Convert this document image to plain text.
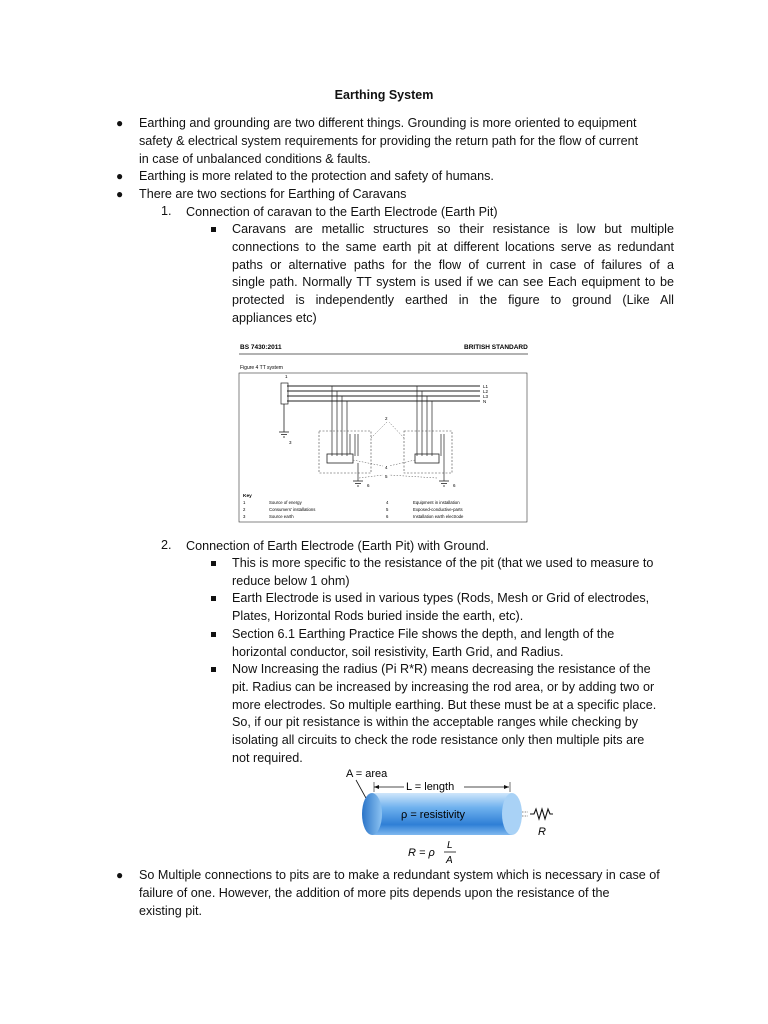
Earthing System
● Earthing and grounding are two different things. Grounding is more oriented to equipment
safety & electrical system requirements for providing the return path for the flow of current
in case of unbalanced conditions & faults.
● Earthing is more related to the protection and safety of humans.
● There are two sections for Earthing of Caravans
1. Connection of caravan to the Earth Electrode (Earth Pit)
Caravans are metallic structures so their resistance is low but multiple
connections to the same earth pit at different locations serve as redundant
paths or alternative paths for the flow of current in case of failures of a
single path. Normally TT system is used if we can see Each equipment to be
protected is independently earthed in the figure to ground (Like All
appliances etc)
BS 7430:2011	BRITISH STANDARD
Figure 4 TT system
L1
L2
L3
N
1
3
6	6
2
4
5
Key
1	Source of energy
2	Consumers' installations
3	Source earth
4	Equipment in installation
5	Exposed-conductive-parts
6	Installation earth electrode
2. Connection of Earth Electrode (Earth Pit) with Ground.
This is more specific to the resistance of the pit (that we used to measure to
reduce below 1 ohm)
Earth Electrode is used in various types (Rods, Mesh or Grid of electrodes,
Plates, Horizontal Rods buried inside the earth, etc).
Section 6.1 Earthing Practice File shows the depth, and length of the
horizontal conductor, soil resistivity, Earth Grid, and Radius.
Now Increasing the radius (Pi R*R) means decreasing the resistance of the
pit. Radius can be increased by increasing the rod area, or by adding two or
more electrodes. So multiple earthing. But these must be at a specific place.
So, if our pit resistance is within the acceptable ranges while checking by
isolating all circuits to check the rode resistance only then multiple pits are
not required.
A = area
L = length
ρ = resistivity
R
R = ρ
L
A
● So Multiple connections to pits are to make a redundant system which is necessary in case of
failure of one. However, the addition of more pits depends upon the resistance of the
existing pit.
